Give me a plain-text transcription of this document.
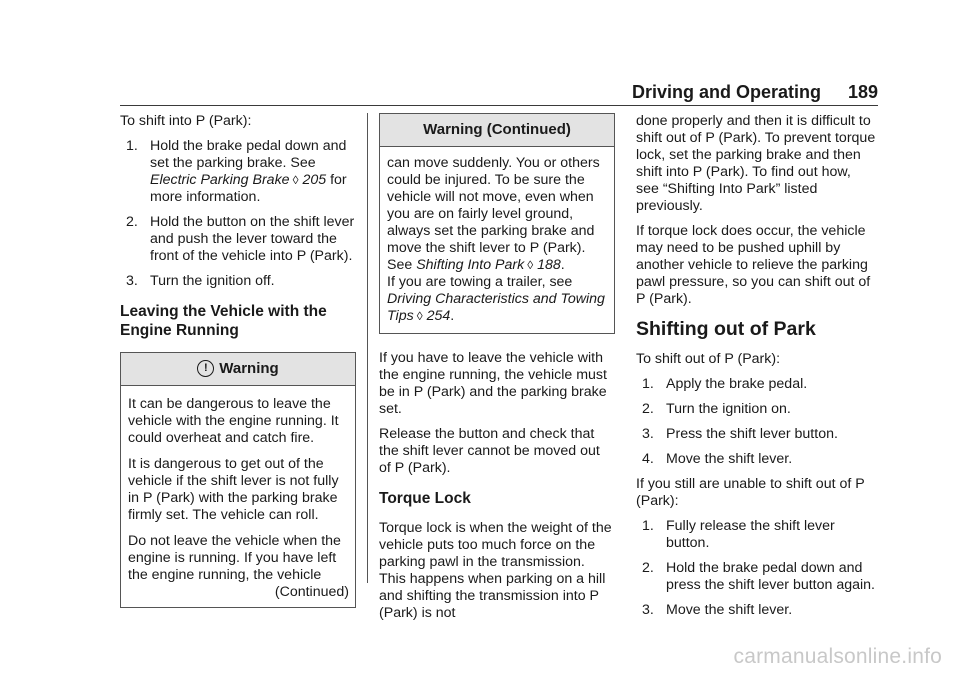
Driving and Operating 189

To shift into P (Park):

1. Hold the brake pedal down and set the parking brake. See Electric Parking Brake ◊ 205 for more information.
2. Hold the button on the shift lever and push the lever toward the front of the vehicle into P (Park).
3. Turn the ignition off.
Leaving the Vehicle with the Engine Running
! Warning

It can be dangerous to leave the vehicle with the engine running. It could overheat and catch fire.

It is dangerous to get out of the vehicle if the shift lever is not fully in P (Park) with the parking brake firmly set. The vehicle can roll.

Do not leave the vehicle when the engine is running. If you have left the engine running, the vehicle

(Continued)
Warning (Continued)

can move suddenly. You or others could be injured. To be sure the vehicle will not move, even when you are on fairly level ground, always set the parking brake and move the shift lever to P (Park).

See Shifting Into Park ◊ 188.

If you are towing a trailer, see Driving Characteristics and Towing Tips ◊ 254.

If you have to leave the vehicle with the engine running, the vehicle must be in P (Park) and the parking brake set.

Release the button and check that the shift lever cannot be moved out of P (Park).

Torque Lock

Torque lock is when the weight of the vehicle puts too much force on the parking pawl in the transmission. This happens when parking on a hill and shifting the transmission into P (Park) is not

done properly and then it is difficult to shift out of P (Park). To prevent torque lock, set the parking brake and then shift into P (Park). To find out how, see “Shifting Into Park” listed previously.

If torque lock does occur, the vehicle may need to be pushed uphill by another vehicle to relieve the parking pawl pressure, so you can shift out of P (Park).

Shifting out of Park

To shift out of P (Park):

1. Apply the brake pedal.
2. Turn the ignition on.
3. Press the shift lever button.
4. Move the shift lever.

If you still are unable to shift out of P (Park):

1. Fully release the shift lever button.
2. Hold the brake pedal down and press the shift lever button again.
3. Move the shift lever.
carmanualsonline.info
